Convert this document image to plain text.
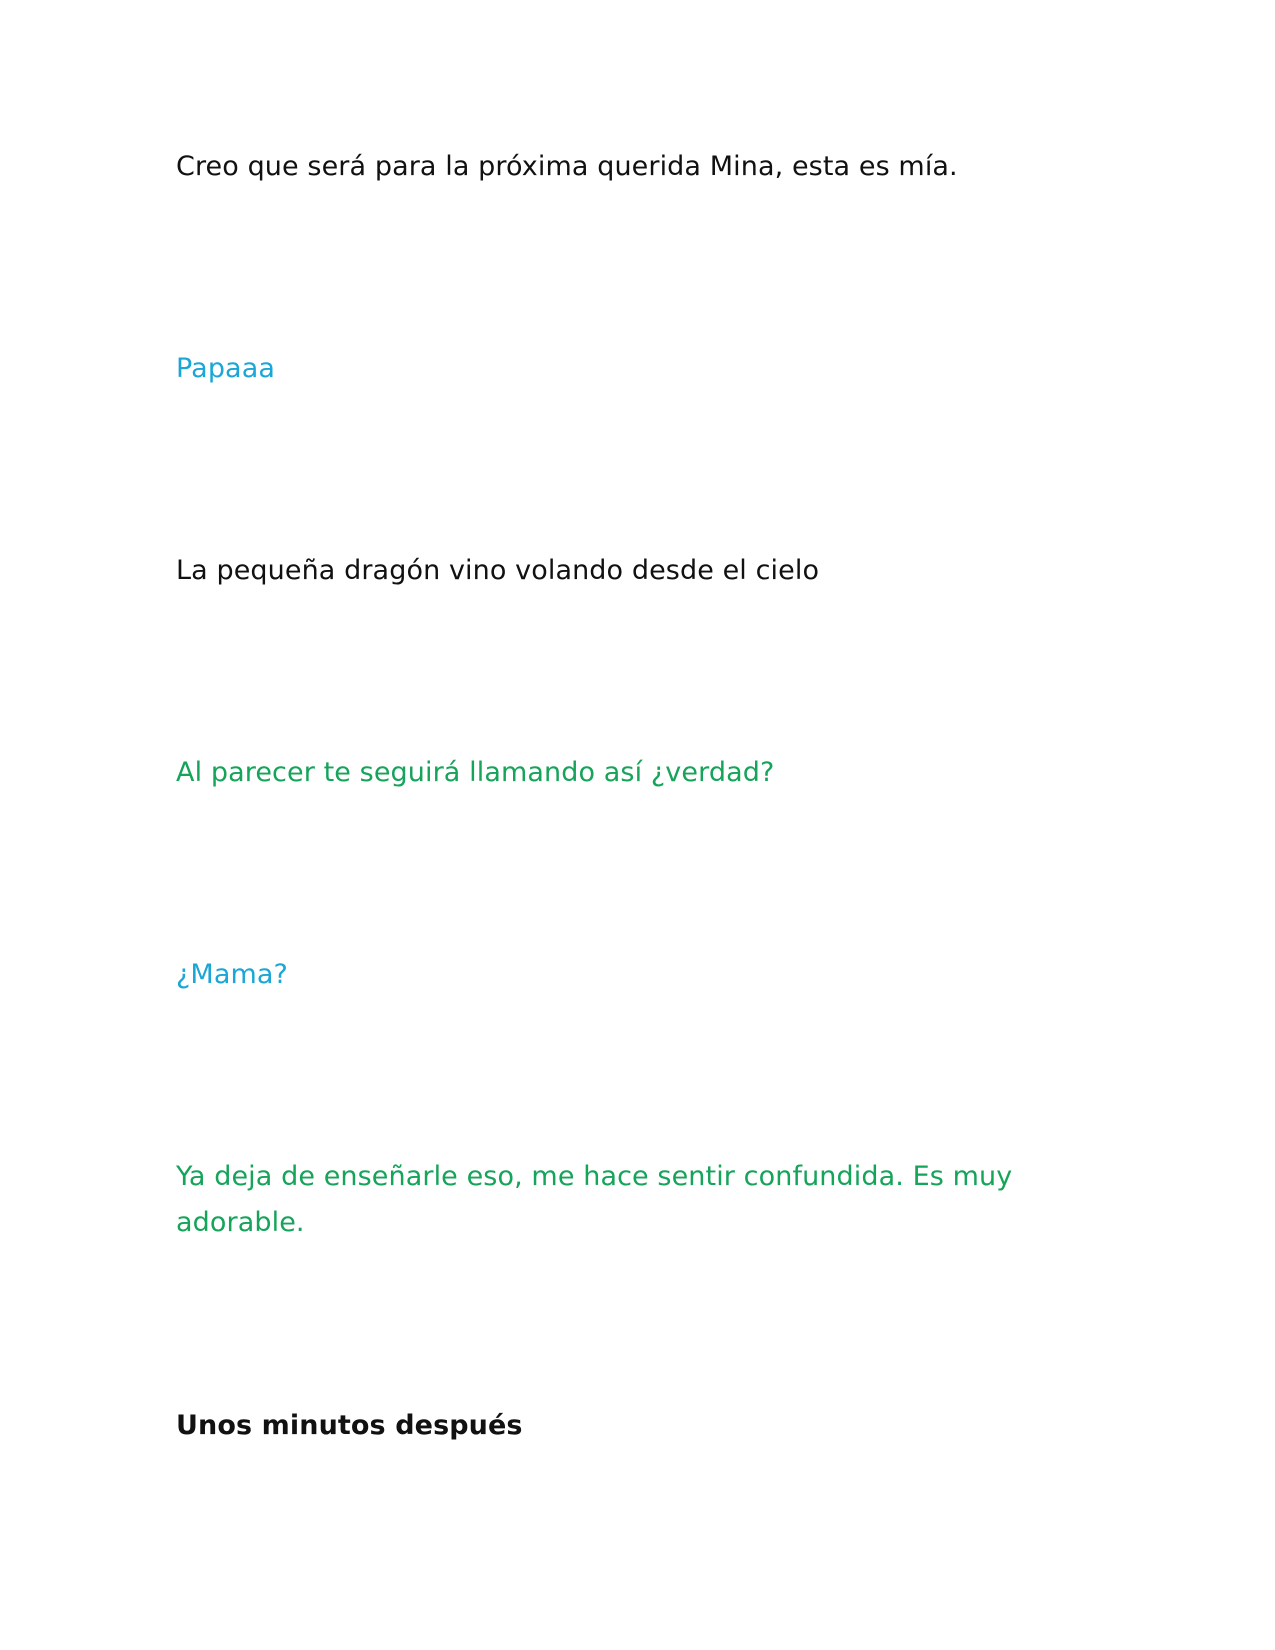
Creo que será para la próxima querida Mina, esta es mía.

Papaaa

La pequeña dragón vino volando desde el cielo

Al parecer te seguirá llamando así ¿verdad?

¿Mama?

Ya deja de enseñarle eso, me hace sentir confundida. Es muy adorable.

Unos minutos después
